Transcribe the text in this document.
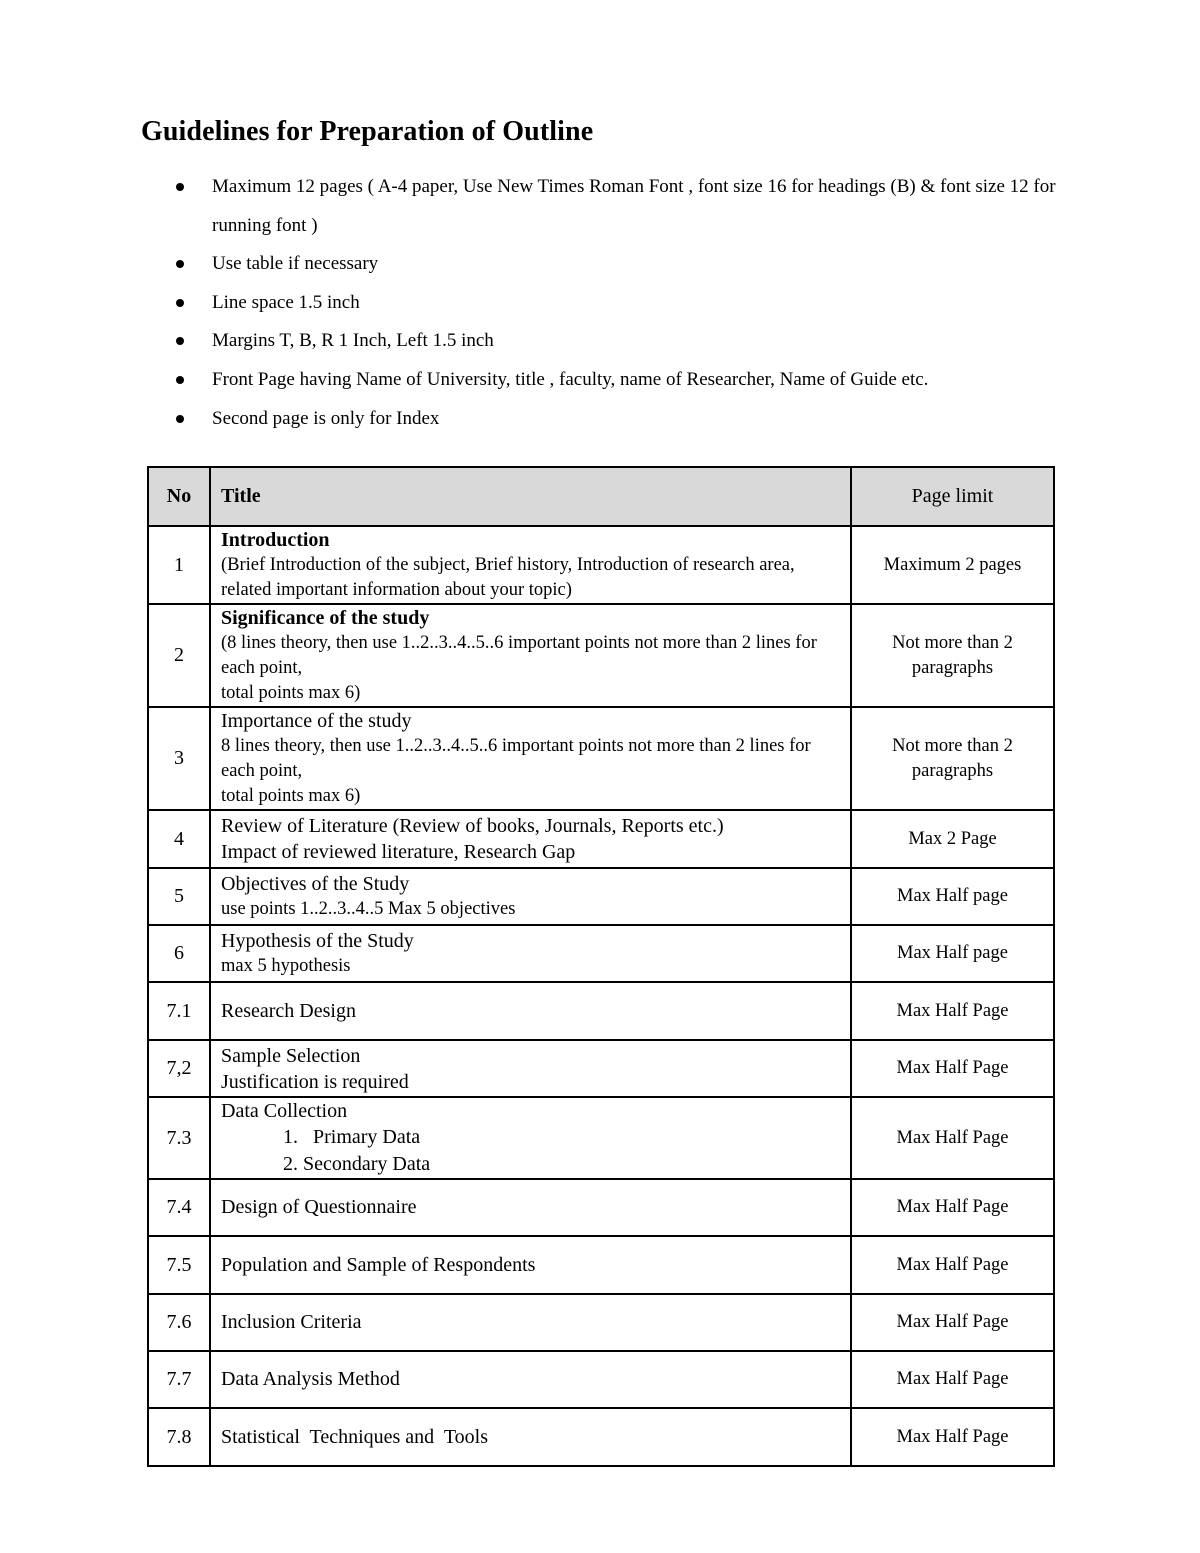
Guidelines for Preparation of Outline
Maximum 12 pages ( A-4 paper, Use New Times Roman Font , font size 16 for headings (B) & font size 12 for running font )
Use table if necessary
Line space 1.5 inch
Margins T, B, R 1 Inch, Left 1.5 inch
Front Page having Name of University, title , faculty, name of Researcher, Name of Guide etc.
Second page is only for Index
No	Title	Page limit
1	Introduction
(Brief Introduction of the subject, Brief history, Introduction of research area, related important information about your topic)	Maximum 2 pages

2	Significance of the study
(8 lines theory, then use 1..2..3..4..5..6 important points not more than 2 lines for each point,
total points max 6)	Not more than 2 paragraphs

3	Importance of the study
8 lines theory, then use 1..2..3..4..5..6 important points not more than 2 lines for each point,
total points max 6)	Not more than 2 paragraphs

4	Review of Literature (Review of books, Journals, Reports etc.)
Impact of reviewed literature, Research Gap	Max 2 Page

5	Objectives of the Study
use points 1..2..3..4..5 Max 5 objectives	Max Half page

6	Hypothesis of the Study
max 5 hypothesis	Max Half page

7.1	Research Design	Max Half Page

7,2	Sample Selection
Justification is required	Max Half Page

7.3	Data Collection
1.   Primary Data
2. Secondary Data	Max Half Page

7.4	Design of Questionnaire	Max Half Page

7.5	Population and Sample of Respondents	Max Half Page

7.6	Inclusion Criteria	Max Half Page

7.7	Data Analysis Method	Max Half Page

7.8	Statistical  Techniques and  Tools	Max Half Page
